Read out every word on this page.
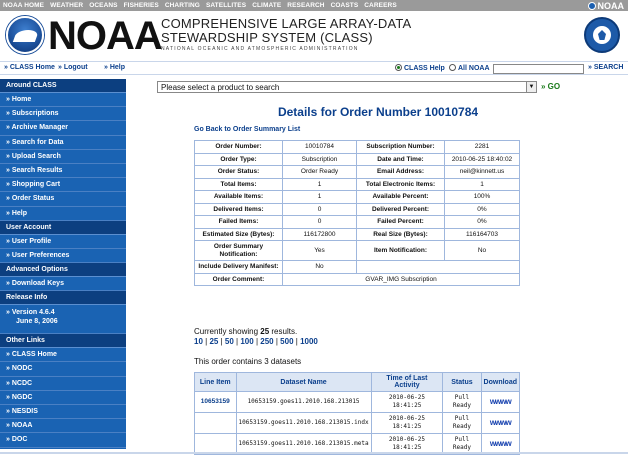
NOAA HOME WEATHER OCEANS FISHERIES CHARTING SATELLITES CLIMATE RESEARCH COASTS CAREERS	NOAA
NOAA COMPREHENSIVE LARGE ARRAY-DATA
STEWARDSHIP SYSTEM (CLASS)
NATIONAL OCEANIC AND ATMOSPHERIC ADMINISTRATION
» CLASS Home » Logout » Help	CLASS Help	All NOAA	» SEARCH
Around CLASS
» Home
» Subscriptions
» Archive Manager
» Search for Data
» Upload Search
» Search Results
» Shopping Cart
» Order Status
» Help
User Account
» User Profile
» User Preferences
Advanced Options
» Download Keys
Release Info
» Version 4.6.4
June 8, 2006
Other Links
» CLASS Home
» NODC
» NCDC
» NGDC
» NESDIS
» NOAA
» DOC
Please select a product to search	▼ » GO
Details for Order Number 10010784
Go Back to Order Summary List
Order Number:	10010784	Subscription Number:	2281
Order Type:	Subscription	Date and Time:	2010-06-25 18:40:02
Order Status:	Order Ready	Email Address:	neil@kinnett.us
Total Items:	1	Total Electronic Items:	1
Available Items:	1	Available Percent:	100%
Delivered Items:	0	Delivered Percent:	0%
Failed Items:	0	Failed Percent:	0%
Estimated Size (Bytes):	116172800	Real Size (Bytes):	116164703
Order Summary Notification:	Yes	Item Notification:	No
Include Delivery Manifest:	No		
Order Comment:	GVAR_IMG Subscription		
Currently showing 25 results.
10 | 25 | 50 | 100 | 250 | 500 | 1000
This order contains 3 datasets
Line Item	Dataset Name	Time of Last Activity	Status	Download
10653159	10653159.goes11.2010.168.213015	2010-06-25 18:41:25	Pull Ready	wwww
	10653159.goes11.2010.168.213015.indx	2010-06-25 18:41:25	Pull Ready	wwww
	10653159.goes11.2010.168.213015.meta	2010-06-25 18:41:25	Pull Ready	wwww
